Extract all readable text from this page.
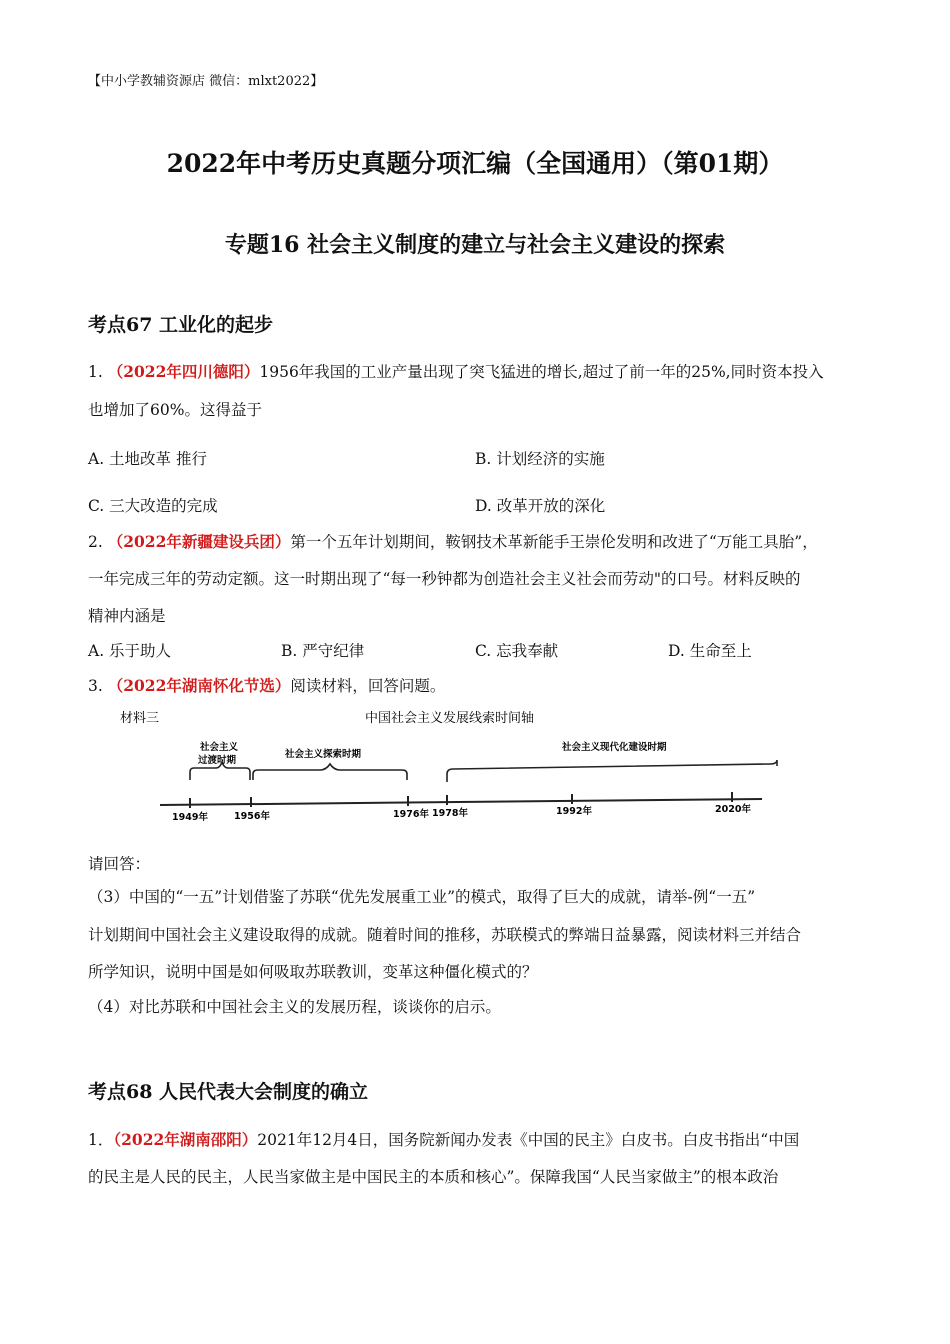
【中小学教辅资源店 微信：mlxt2022】
2022年中考历史真题分项汇编（全国通用）（第01期）
专题16 社会主义制度的建立与社会主义建设的探索
考点67 工业化的起步
1. （2022年四川德阳）1956年我国的工业产量出现了突飞猛进的增长,超过了前一年的25%,同时资本投入
也增加了60%。这得益于
A. 土地改革 推行	B. 计划经济的实施
C. 三大改造的完成	D. 改革开放的深化
2. （2022年新疆建设兵团）第一个五年计划期间，鞍钢技术革新能手王崇伦发明和改进了“万能工具胎”，
一年完成三年的劳动定额。这一时期出现了“每一秒钟都为创造社会主义社会而劳动"的口号。材料反映的
精神内涵是
A. 乐于助人	B. 严守纪律	C. 忘我奉献	D. 生命至上
3. （2022年湖南怀化节选）阅读材料，回答问题。
材料三	中国社会主义发展线索时间轴
社会主义
过渡时期
社会主义探索时期
社会主义现代化建设时期
1949年	1956年	1976年 1978年	1992年	2020年
请回答：
（3）中国的“一五”计划借鉴了苏联“优先发展重工业”的模式，取得了巨大的成就，请举-例“一五”
计划期间中国社会主义建设取得的成就。随着时间的推移，苏联模式的弊端日益暴露，阅读材料三并结合
所学知识，说明中国是如何吸取苏联教训，变革这种僵化模式的？
（4）对比苏联和中国社会主义的发展历程，谈谈你的启示。
考点68 人民代表大会制度的确立
1．（2022年湖南邵阳）2021年12月4日，国务院新闻办发表《中国的民主》白皮书。白皮书指出“中国
的民主是人民的民主，人民当家做主是中国民主的本质和核心”。保障我国“人民当家做主”的根本政治
